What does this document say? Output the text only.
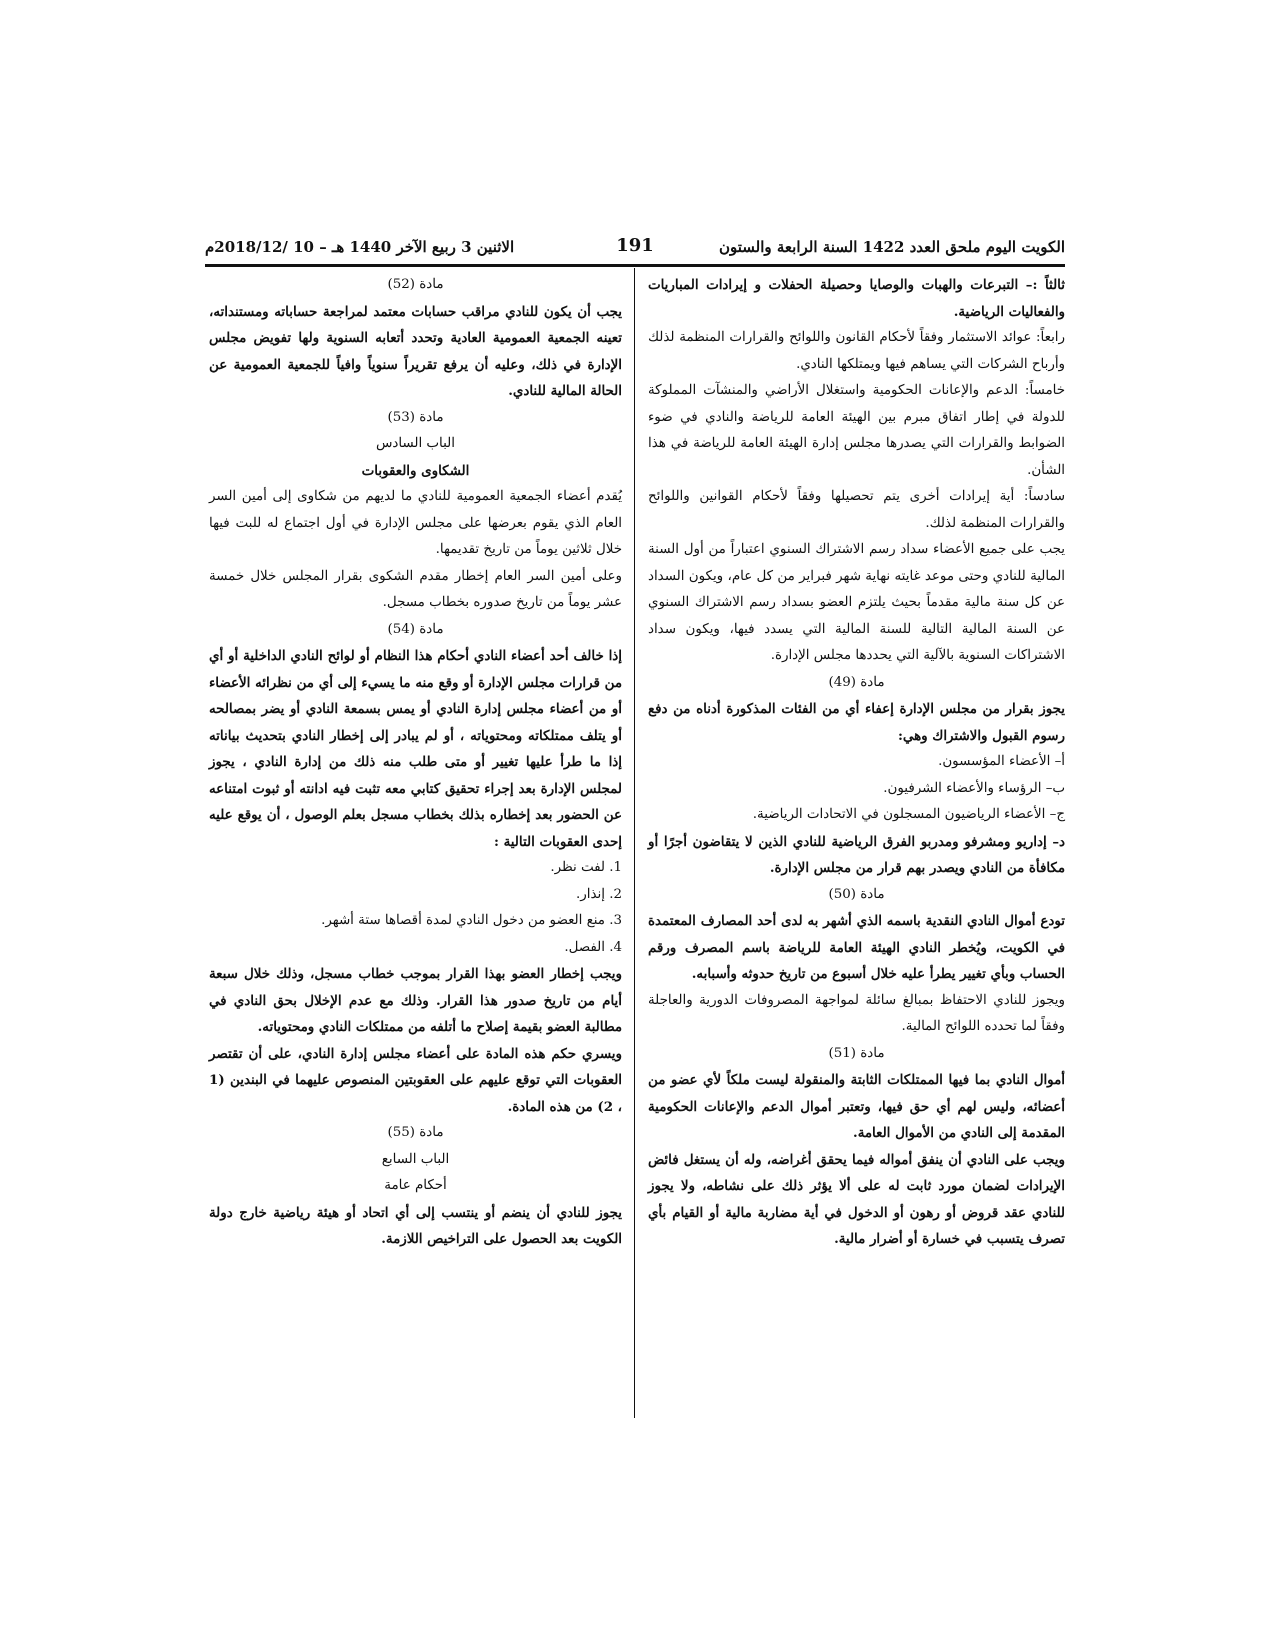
الكويت اليوم ملحق العدد 1422 السنة الرابعة والستون
191
الاثنين 3 ربيع الآخر 1440 هـ – 10 /2018/12م

ثالثاً :– التبرعات والهبات والوصايا وحصيلة الحفلات و إيرادات المباريات والفعاليات الرياضية.

رابعاً: عوائد الاستثمار وفقاً لأحكام القانون واللوائح والقرارات المنظمة لذلك وأرباح الشركات التي يساهم فيها ويمتلكها النادي.

خامساً: الدعم والإعانات الحكومية واستغلال الأراضي والمنشآت المملوكة للدولة في إطار اتفاق مبرم بين الهيئة العامة للرياضة والنادي في ضوء الضوابط والقرارات التي يصدرها مجلس إدارة الهيئة العامة للرياضة في هذا الشأن.

سادساً: أية إيرادات أخرى يتم تحصيلها وفقاً لأحكام القوانين واللوائح والقرارات المنظمة لذلك.

يجب على جميع الأعضاء سداد رسم الاشتراك السنوي اعتباراً من أول السنة المالية للنادي وحتى موعد غايته نهاية شهر فبراير من كل عام، ويكون السداد عن كل سنة مالية مقدماً بحيث يلتزم العضو بسداد رسم الاشتراك السنوي عن السنة المالية التالية للسنة المالية التي يسدد فيها، ويكون سداد الاشتراكات السنوية بالآلية التي يحددها مجلس الإدارة.

مادة (49)

يجوز بقرار من مجلس الإدارة إعفاء أي من الفئات المذكورة أدناه من دفع رسوم القبول والاشتراك وهي:

أ– الأعضاء المؤسسون.

ب– الرؤساء والأعضاء الشرفيون.

ج– الأعضاء الرياضيون المسجلون في الاتحادات الرياضية.

د– إداريو ومشرفو ومدربو الفرق الرياضية للنادي الذين لا يتقاضون أجرًا أو مكافأة من النادي ويصدر بهم قرار من مجلس الإدارة.

مادة (50)

تودع أموال النادي النقدية باسمه الذي أشهر به لدى أحد المصارف المعتمدة في الكويت، ويُخطر النادي الهيئة العامة للرياضة باسم المصرف ورقم الحساب وبأي تغيير يطرأ عليه خلال أسبوع من تاريخ حدوثه وأسبابه.

ويجوز للنادي الاحتفاظ بمبالغ سائلة لمواجهة المصروفات الدورية والعاجلة وفقاً لما تحدده اللوائح المالية.

مادة (51)

أموال النادي بما فيها الممتلكات الثابتة والمنقولة ليست ملكاً لأي عضو من أعضائه، وليس لهم أي حق فيها، وتعتبر أموال الدعم والإعانات الحكومية المقدمة إلى النادي من الأموال العامة.

ويجب على النادي أن ينفق أمواله فيما يحقق أغراضه، وله أن يستغل فائض الإيرادات لضمان مورد ثابت له على ألا يؤثر ذلك على نشاطه، ولا يجوز للنادي عقد قروض أو رهون أو الدخول في أية مضاربة مالية أو القيام بأي تصرف يتسبب في خسارة أو أضرار مالية.

مادة (52)

يجب أن يكون للنادي مراقب حسابات معتمد لمراجعة حساباته ومستنداته، تعينه الجمعية العمومية العادية وتحدد أتعابه السنوية ولها تفويض مجلس الإدارة في ذلك، وعليه أن يرفع تقريراً سنوياً وافياً للجمعية العمومية عن الحالة المالية للنادي.

مادة (53)

الباب السادس

الشكاوى والعقوبات

يُقدم أعضاء الجمعية العمومية للنادي ما لديهم من شكاوى إلى أمين السر العام الذي يقوم بعرضها على مجلس الإدارة في أول اجتماع له للبت فيها خلال ثلاثين يوماً من تاريخ تقديمها.

وعلى أمين السر العام إخطار مقدم الشكوى بقرار المجلس خلال خمسة عشر يوماً من تاريخ صدوره بخطاب مسجل.

مادة (54)

إذا خالف أحد أعضاء النادي أحكام هذا النظام أو لوائح النادي الداخلية أو أي من قرارات مجلس الإدارة أو وقع منه ما يسيء إلى أي من نظرائه الأعضاء أو من أعضاء مجلس إدارة النادي أو يمس بسمعة النادي أو يضر بمصالحه أو يتلف ممتلكاته ومحتوياته ، أو لم يبادر إلى إخطار النادي بتحديث بياناته إذا ما طرأ عليها تغيير أو متى طلب منه ذلك من إدارة النادي ، يجوز لمجلس الإدارة بعد إجراء تحقيق كتابي معه تثبت فيه ادانته أو ثبوت امتناعه عن الحضور بعد إخطاره بذلك بخطاب مسجل بعلم الوصول ، أن يوقع عليه إحدى العقوبات التالية :

1. لفت نظر.

2. إنذار.

3. منع العضو من دخول النادي لمدة أقصاها ستة أشهر.

4. الفصل.

ويجب إخطار العضو بهذا القرار بموجب خطاب مسجل، وذلك خلال سبعة أيام من تاريخ صدور هذا القرار. وذلك مع عدم الإخلال بحق النادي في مطالبة العضو بقيمة إصلاح ما أتلفه من ممتلكات النادي ومحتوياته.

ويسري حكم هذه المادة على أعضاء مجلس إدارة النادي، على أن تقتصر العقوبات التي توقع عليهم على العقوبتين المنصوص عليهما في البندين (1 ، 2) من هذه المادة.

مادة (55)

الباب السابع

أحكام عامة

يجوز للنادي أن ينضم أو ينتسب إلى أي اتحاد أو هيئة رياضية خارج دولة الكويت بعد الحصول على التراخيص اللازمة.
